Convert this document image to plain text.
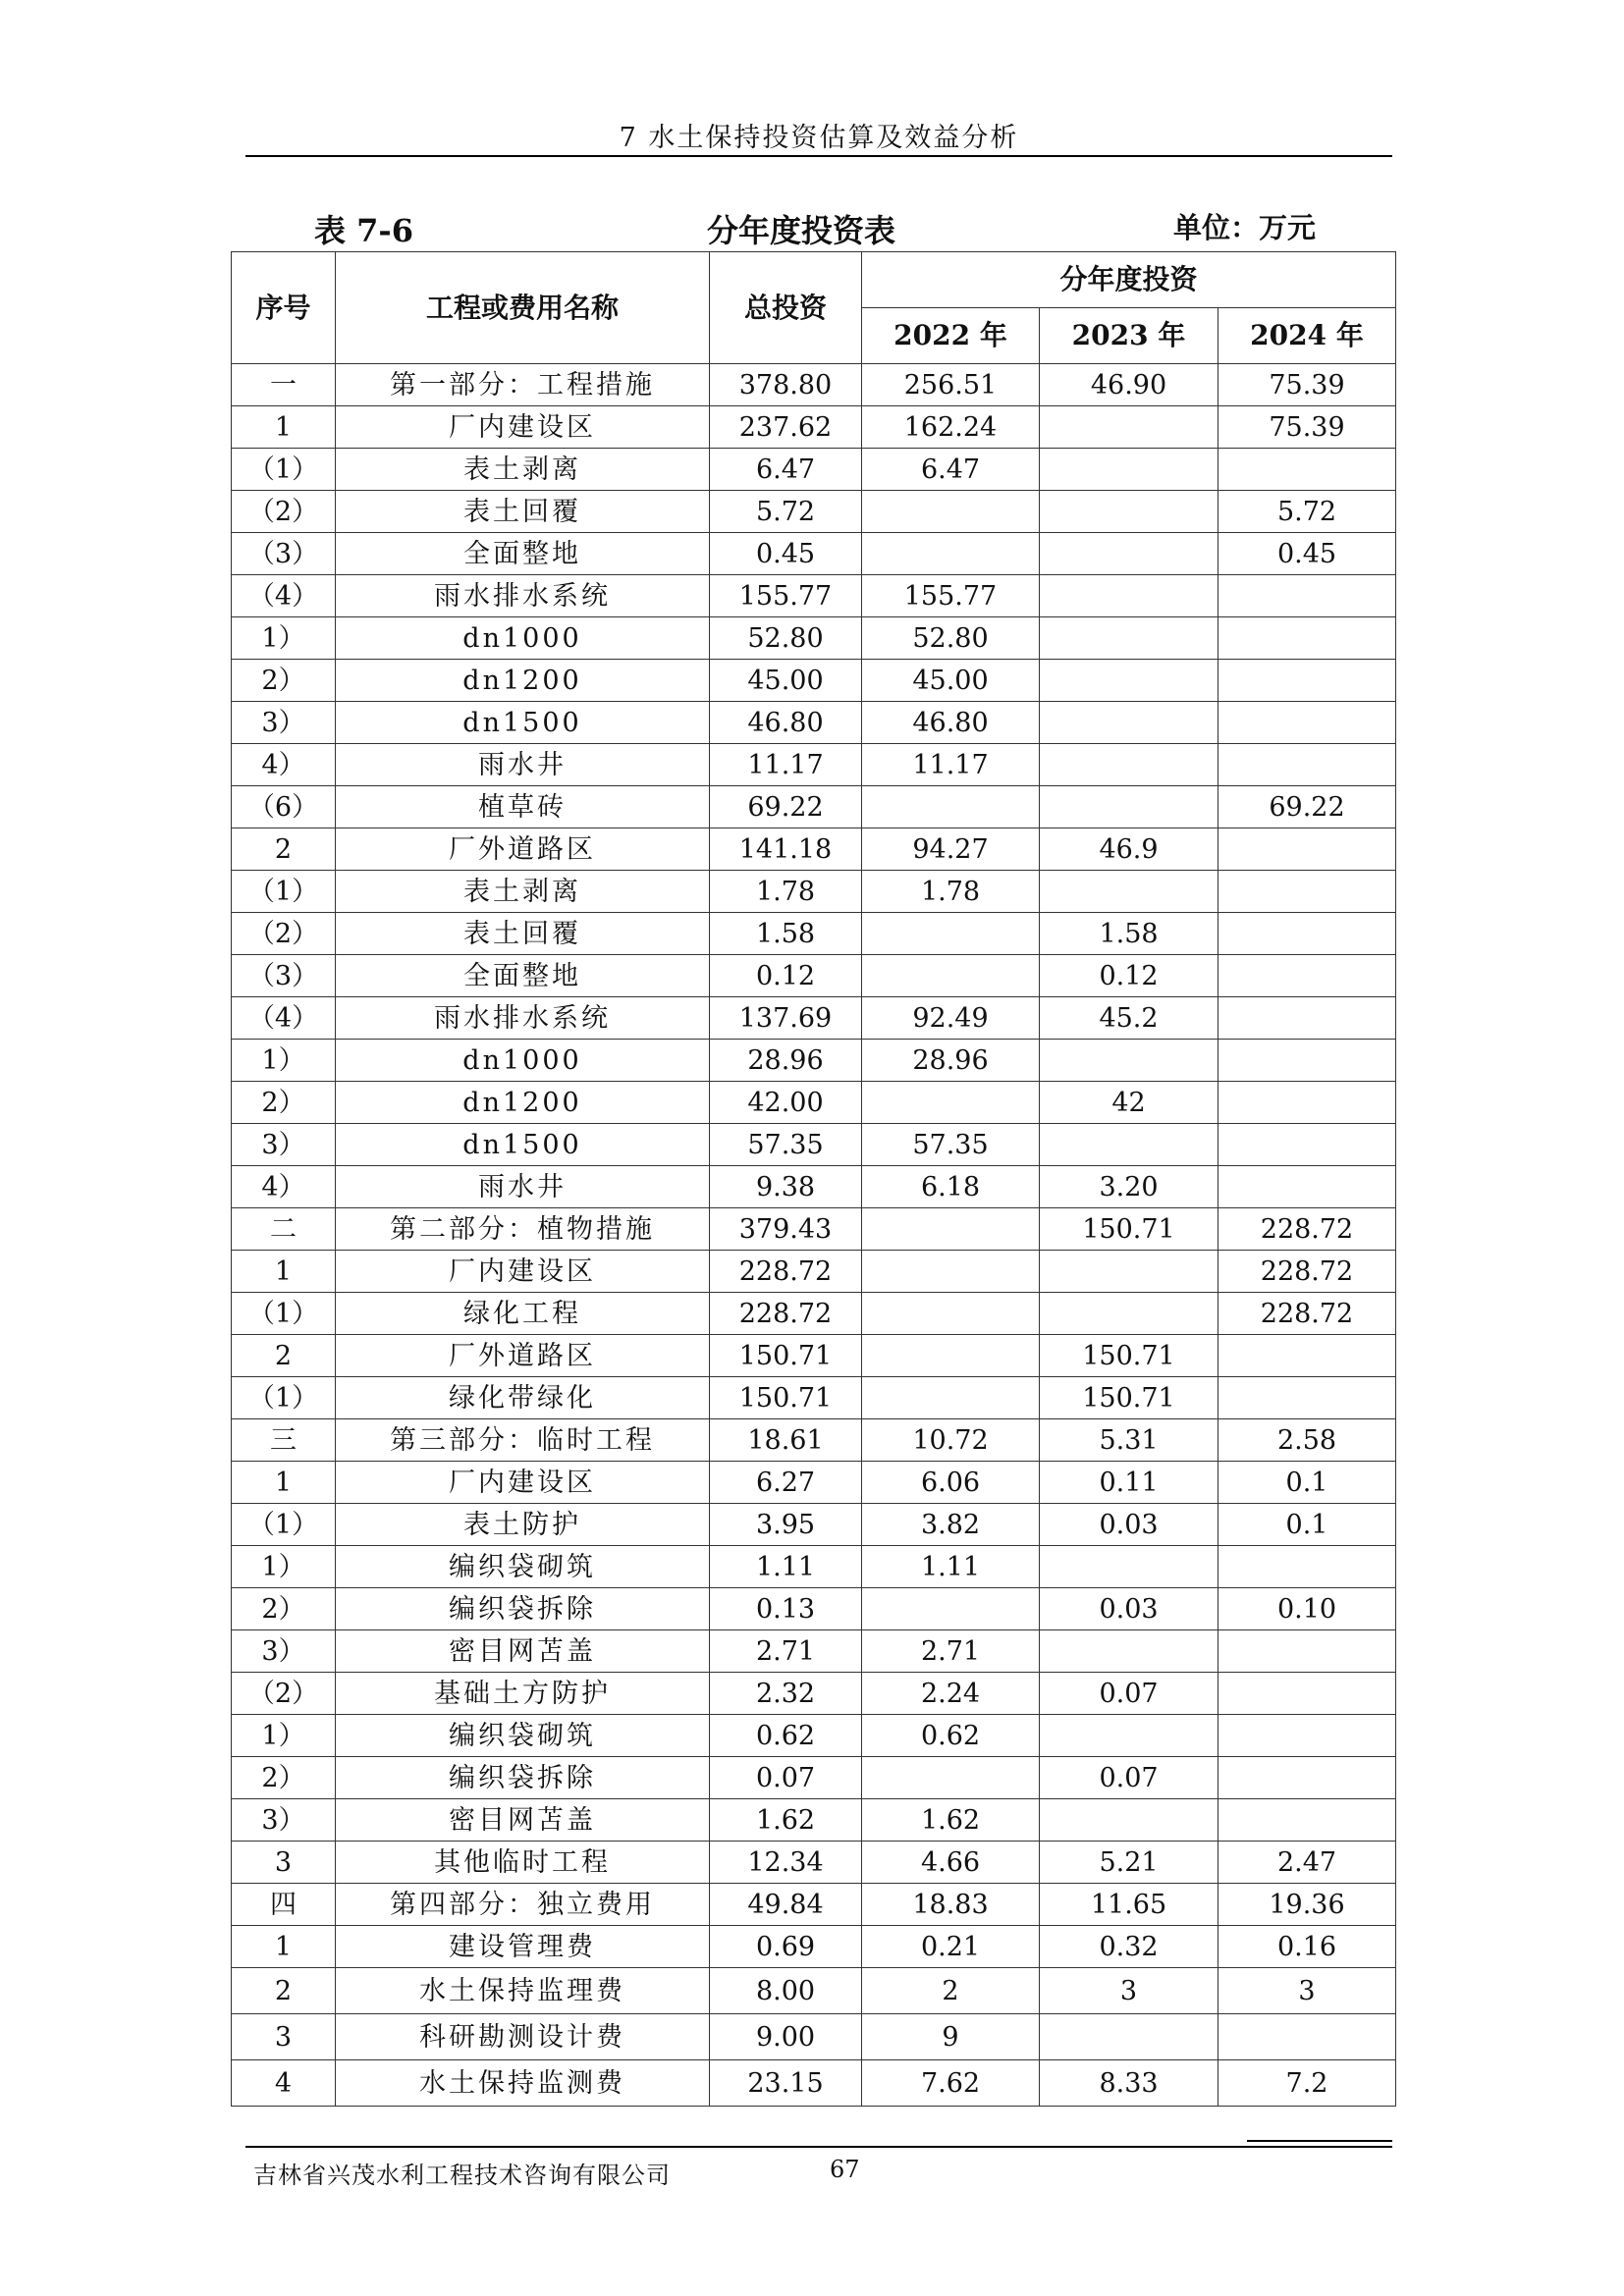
7 水土保持投资估算及效益分析
表 7-6	分年度投资表	单位：万元
序号	工程或费用名称	总投资	分年度投资		
			2022 年	2023 年	2024 年
一	第一部分：工程措施	378.80	256.51	46.90	75.39
1	厂内建设区	237.62	162.24		75.39
（1）	表土剥离	6.47	6.47		
（2）	表土回覆	5.72			5.72
（3）	全面整地	0.45			0.45
（4）	雨水排水系统	155.77	155.77		
1）	dn1000	52.80	52.80		
2）	dn1200	45.00	45.00		
3）	dn1500	46.80	46.80		
4）	雨水井	11.17	11.17		
（6）	植草砖	69.22			69.22
2	厂外道路区	141.18	94.27	46.9	
（1）	表土剥离	1.78	1.78		
（2）	表土回覆	1.58		1.58	
（3）	全面整地	0.12		0.12	
（4）	雨水排水系统	137.69	92.49	45.2	
1）	dn1000	28.96	28.96		
2）	dn1200	42.00		42	
3）	dn1500	57.35	57.35		
4）	雨水井	9.38	6.18	3.20	
二	第二部分：植物措施	379.43		150.71	228.72
1	厂内建设区	228.72			228.72
（1）	绿化工程	228.72			228.72
2	厂外道路区	150.71		150.71	
（1）	绿化带绿化	150.71		150.71	
三	第三部分：临时工程	18.61	10.72	5.31	2.58
1	厂内建设区	6.27	6.06	0.11	0.1
（1）	表土防护	3.95	3.82	0.03	0.1
1）	编织袋砌筑	1.11	1.11		
2）	编织袋拆除	0.13		0.03	0.10
3）	密目网苫盖	2.71	2.71		
（2）	基础土方防护	2.32	2.24	0.07	
1）	编织袋砌筑	0.62	0.62		
2）	编织袋拆除	0.07		0.07	
3）	密目网苫盖	1.62	1.62		
3	其他临时工程	12.34	4.66	5.21	2.47
四	第四部分：独立费用	49.84	18.83	11.65	19.36
1	建设管理费	0.69	0.21	0.32	0.16
2	水土保持监理费	8.00	2	3	3
3	科研勘测设计费	9.00	9		
4	水土保持监测费	23.15	7.62	8.33	7.2
吉林省兴茂水利工程技术咨询有限公司	67
